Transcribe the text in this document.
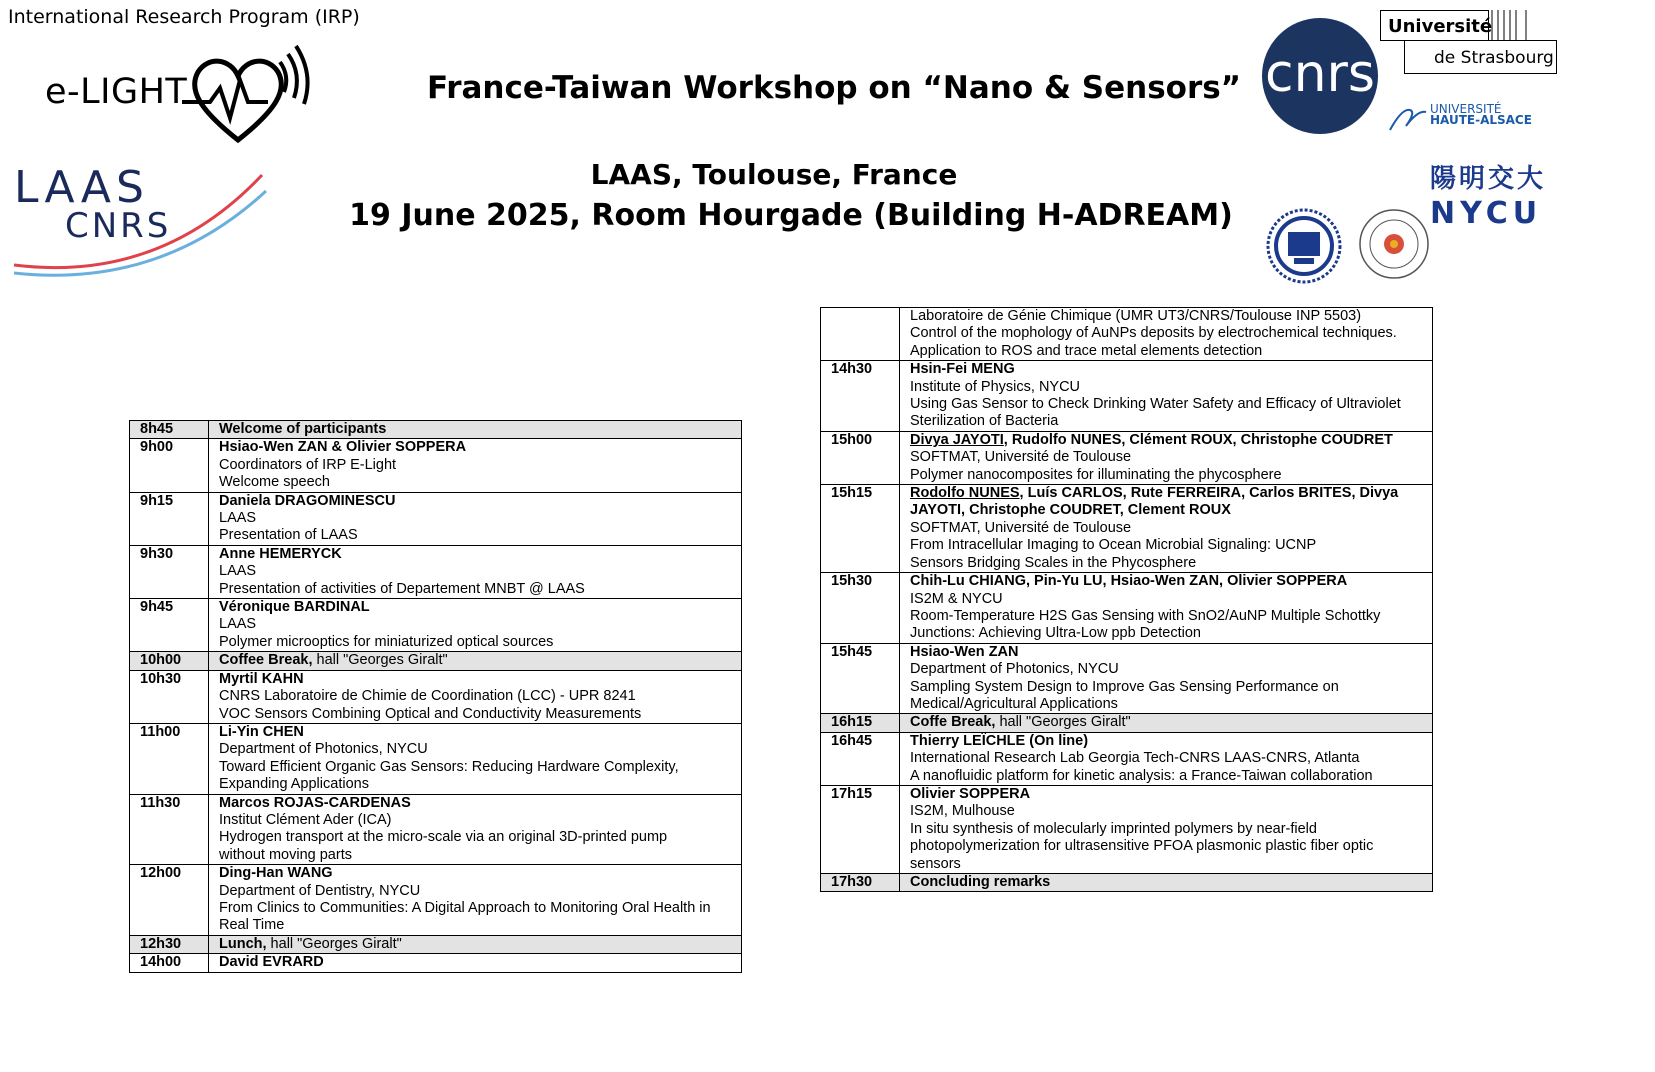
International Research Program (IRP)
France-Taiwan Workshop on “Nano & Sensors”
LAAS, Toulouse, France
19 June 2025, Room Hourgade (Building H-ADREAM)
e-LIGHT
LAAS
CNRS
cnrs
Université
de Strasbourg
UNIVERSITÉ
HAUTE-ALSACE
陽明交大
NYCU
8h45	Welcome of participants

9h00	Hsiao-Wen ZAN & Olivier SOPPERA
Coordinators of IRP E-Light
Welcome speech

9h15	Daniela DRAGOMINESCU
LAAS
Presentation of LAAS

9h30	Anne HEMERYCK
LAAS
Presentation of activities of Departement MNBT @ LAAS

9h45	Véronique BARDINAL
LAAS
Polymer microoptics for miniaturized optical sources

10h00	Coffee Break, hall "Georges Giralt"

10h30	Myrtil KAHN
CNRS Laboratoire de Chimie de Coordination (LCC) - UPR 8241
VOC Sensors Combining Optical and Conductivity Measurements

11h00	Li-Yin CHEN
Department of Photonics, NYCU
Toward Efficient Organic Gas Sensors: Reducing Hardware Complexity,
Expanding Applications

11h30	Marcos ROJAS-CARDENAS
Institut Clément Ader (ICA)
Hydrogen transport at the micro-scale via an original 3D-printed pump
without moving parts

12h00	Ding-Han WANG
Department of Dentistry, NYCU
From Clinics to Communities: A Digital Approach to Monitoring Oral Health in
Real Time

12h30	Lunch, hall "Georges Giralt"

14h00	David EVRARD

	Laboratoire de Génie Chimique (UMR UT3/CNRS/Toulouse INP 5503)
Control of the mophology of AuNPs deposits by electrochemical techniques.
Application to ROS and trace metal elements detection

14h30	Hsin-Fei MENG
Institute of Physics, NYCU
Using Gas Sensor to Check Drinking Water Safety and Efficacy of Ultraviolet
Sterilization of Bacteria

15h00	Divya JAYOTI, Rudolfo NUNES, Clément ROUX, Christophe COUDRET
SOFTMAT, Université de Toulouse
Polymer nanocomposites for illuminating the phycosphere

15h15	Rodolfo NUNES, Luís CARLOS, Rute FERREIRA, Carlos BRITES, Divya
JAYOTI, Christophe COUDRET, Clement ROUX
SOFTMAT, Université de Toulouse
From Intracellular Imaging to Ocean Microbial Signaling: UCNP
Sensors Bridging Scales in the Phycosphere

15h30	Chih-Lu CHIANG, Pin-Yu LU, Hsiao-Wen ZAN, Olivier SOPPERA
IS2M & NYCU
Room-Temperature H2S Gas Sensing with SnO2/AuNP Multiple Schottky
Junctions: Achieving Ultra-Low ppb Detection

15h45	Hsiao-Wen ZAN
Department of Photonics, NYCU
Sampling System Design to Improve Gas Sensing Performance on
Medical/Agricultural Applications

16h15	Coffe Break, hall "Georges Giralt"

16h45	Thierry LEÏCHLE (On line)
International Research Lab Georgia Tech-CNRS LAAS-CNRS, Atlanta
A nanofluidic platform for kinetic analysis: a France-Taiwan collaboration

17h15	Olivier SOPPERA
IS2M, Mulhouse
In situ synthesis of molecularly imprinted polymers by near-field
photopolymerization for ultrasensitive PFOA plasmonic plastic fiber optic
sensors

17h30	Concluding remarks
